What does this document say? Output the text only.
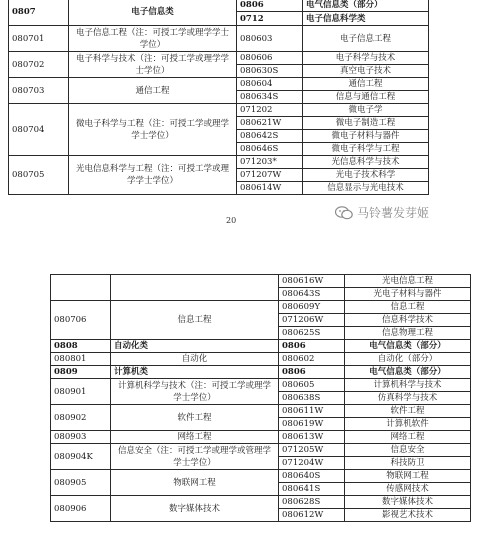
0807	电子信息类	0806	电气信息类（部分）
		0712	电子信息科学类
080701	电子信息工程（注：可授工学或理学学士学位）	080603	电子信息工程
080702	电子科学与技术（注：可授工学或理学学士学位）	080606	电子科学与技术
		080630S	真空电子技术
080703	通信工程	080604	通信工程
		080634S	信息与通信工程
080704	微电子科学与工程（注：可授工学或理学学士学位）	071202	微电子学
		080621W	微电子制造工程
		080642S	微电子材料与器件
		080646S	微电子科学与工程
080705	光电信息科学与工程（注：可授工学或理学学士学位）	071203*	光信息科学与技术
		071207W	光电子技术科学
		080614W	信息显示与光电技术
20
马铃薯发芽姬
		080616W	光电信息工程
		080643S	光电子材料与器件
080706	信息工程	080609Y	信息工程
		071206W	信息科学技术
		080625S	信息物理工程
0808	自动化类	0806	电气信息类（部分）
080801	自动化	080602	自动化（部分）
0809	计算机类	0806	电气信息类（部分）
080901	计算机科学与技术（注：可授工学或理学学士学位）	080605	计算机科学与技术
		080638S	仿真科学与技术
080902	软件工程	080611W	软件工程
		080619W	计算机软件
080903	网络工程	080613W	网络工程
080904K	信息安全（注：可授工学或理学或管理学学士学位）	071205W	信息安全
		071204W	科技防卫
080905	物联网工程	080640S	物联网工程
		080641S	传感网技术
080906	数字媒体技术	080628S	数字媒体技术
		080612W	影视艺术技术
